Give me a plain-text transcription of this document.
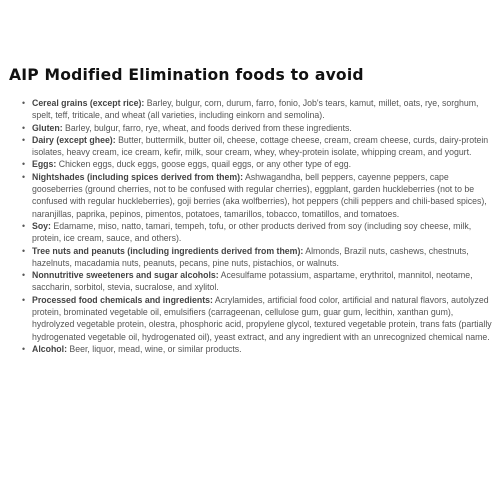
AIP Modified Elimination foods to avoid
• Cereal grains (except rice): Barley, bulgur, corn, durum, farro, fonio, Job's tears, kamut, millet, oats, rye, sorghum, spelt, teff, triticale, and wheat (all varieties, including einkorn and semolina).
• Gluten: Barley, bulgur, farro, rye, wheat, and foods derived from these ingredients.
• Dairy (except ghee): Butter, buttermilk, butter oil, cheese, cottage cheese, cream, cream cheese, curds, dairy-protein isolates, heavy cream, ice cream, kefir, milk, sour cream, whey, whey-protein isolate, whipping cream, and yogurt.
• Eggs: Chicken eggs, duck eggs, goose eggs, quail eggs, or any other type of egg.
• Nightshades (including spices derived from them): Ashwagandha, bell peppers, cayenne peppers, cape gooseberries (ground cherries, not to be confused with regular cherries), eggplant, garden huckleberries (not to be confused with regular huckleberries), goji berries (aka wolfberries), hot peppers (chili peppers and chili-based spices), naranjillas, paprika, pepinos, pimentos, potatoes, tamarillos, tobacco, tomatillos, and tomatoes.
• Soy: Edamame, miso, natto, tamari, tempeh, tofu, or other products derived from soy (including soy cheese, milk, protein, ice cream, sauce, and others).
• Tree nuts and peanuts (including ingredients derived from them): Almonds, Brazil nuts, cashews, chestnuts, hazelnuts, macadamia nuts, peanuts, pecans, pine nuts, pistachios, or walnuts.
• Nonnutritive sweeteners and sugar alcohols: Acesulfame potassium, aspartame, erythritol, mannitol, neotame, saccharin, sorbitol, stevia, sucralose, and xylitol.
• Processed food chemicals and ingredients: Acrylamides, artificial food color, artificial and natural flavors, autolyzed protein, brominated vegetable oil, emulsifiers (carrageenan, cellulose gum, guar gum, lecithin, xanthan gum), hydrolyzed vegetable protein, olestra, phosphoric acid, propylene glycol, textured vegetable protein, trans fats (partially hydrogenated vegetable oil, hydrogenated oil), yeast extract, and any ingredient with an unrecognized chemical name.
• Alcohol: Beer, liquor, mead, wine, or similar products.
